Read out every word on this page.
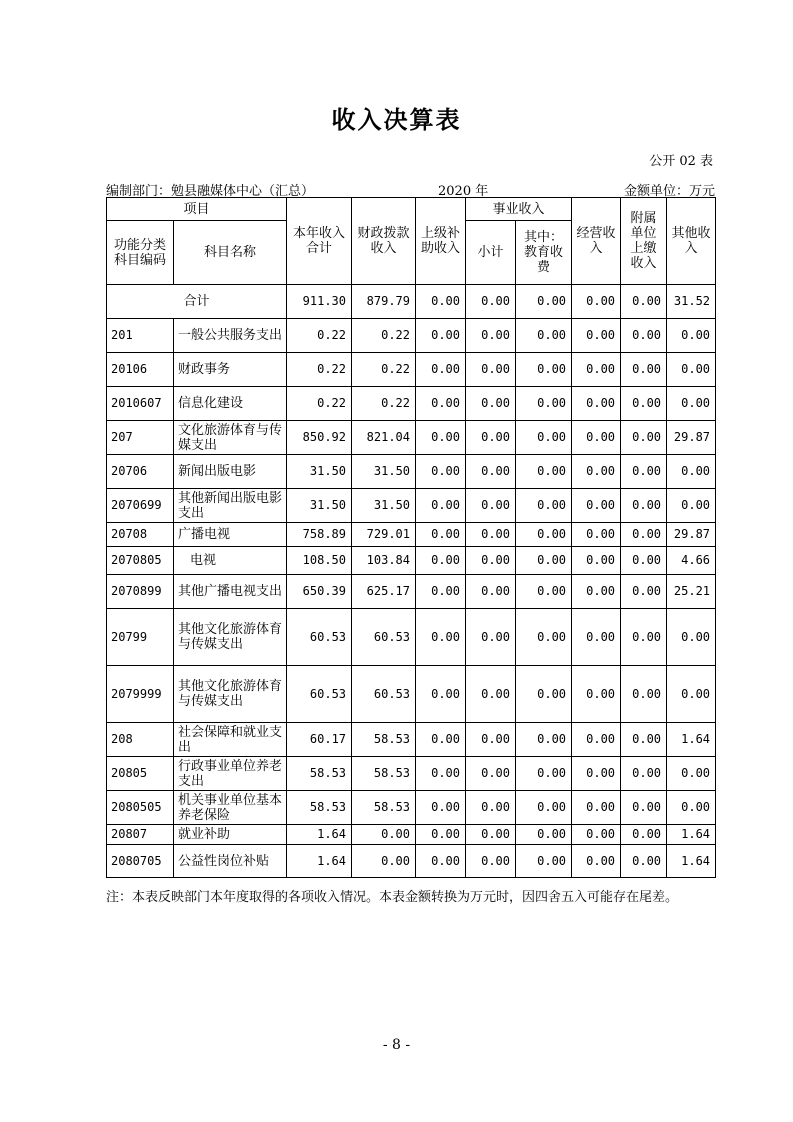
收入决算表
公开 02 表
编制部门：勉县融媒体中心（汇总）	2020 年	金额单位：万元
项目		本年收入合计	财政拨款收入	上级补助收入	事业收入		经营收入	附属单位上缴收入	其他收入
功能分类科目编码	科目名称				小计	其中：教育收费			

合计		911.30	879.79	0.00	0.00	0.00	0.00	0.00	31.52
201	一般公共服务支出	0.22	0.22	0.00	0.00	0.00	0.00	0.00	0.00
20106	财政事务	0.22	0.22	0.00	0.00	0.00	0.00	0.00	0.00
2010607	信息化建设	0.22	0.22	0.00	0.00	0.00	0.00	0.00	0.00
207	文化旅游体育与传媒支出	850.92	821.04	0.00	0.00	0.00	0.00	0.00	29.87
20706	新闻出版电影	31.50	31.50	0.00	0.00	0.00	0.00	0.00	0.00
2070699	其他新闻出版电影支出	31.50	31.50	0.00	0.00	0.00	0.00	0.00	0.00
20708	广播电视	758.89	729.01	0.00	0.00	0.00	0.00	0.00	29.87
2070805	电视	108.50	103.84	0.00	0.00	0.00	0.00	0.00	4.66
2070899	其他广播电视支出	650.39	625.17	0.00	0.00	0.00	0.00	0.00	25.21
20799	其他文化旅游体育与传媒支出	60.53	60.53	0.00	0.00	0.00	0.00	0.00	0.00
2079999	其他文化旅游体育与传媒支出	60.53	60.53	0.00	0.00	0.00	0.00	0.00	0.00
208	社会保障和就业支出	60.17	58.53	0.00	0.00	0.00	0.00	0.00	1.64
20805	行政事业单位养老支出	58.53	58.53	0.00	0.00	0.00	0.00	0.00	0.00
2080505	机关事业单位基本养老保险	58.53	58.53	0.00	0.00	0.00	0.00	0.00	0.00
20807	就业补助	1.64	0.00	0.00	0.00	0.00	0.00	0.00	1.64
2080705	公益性岗位补贴	1.64	0.00	0.00	0.00	0.00	0.00	0.00	1.64
注：本表反映部门本年度取得的各项收入情况。本表金额转换为万元时，因四舍五入可能存在尾差。
- 8 -
